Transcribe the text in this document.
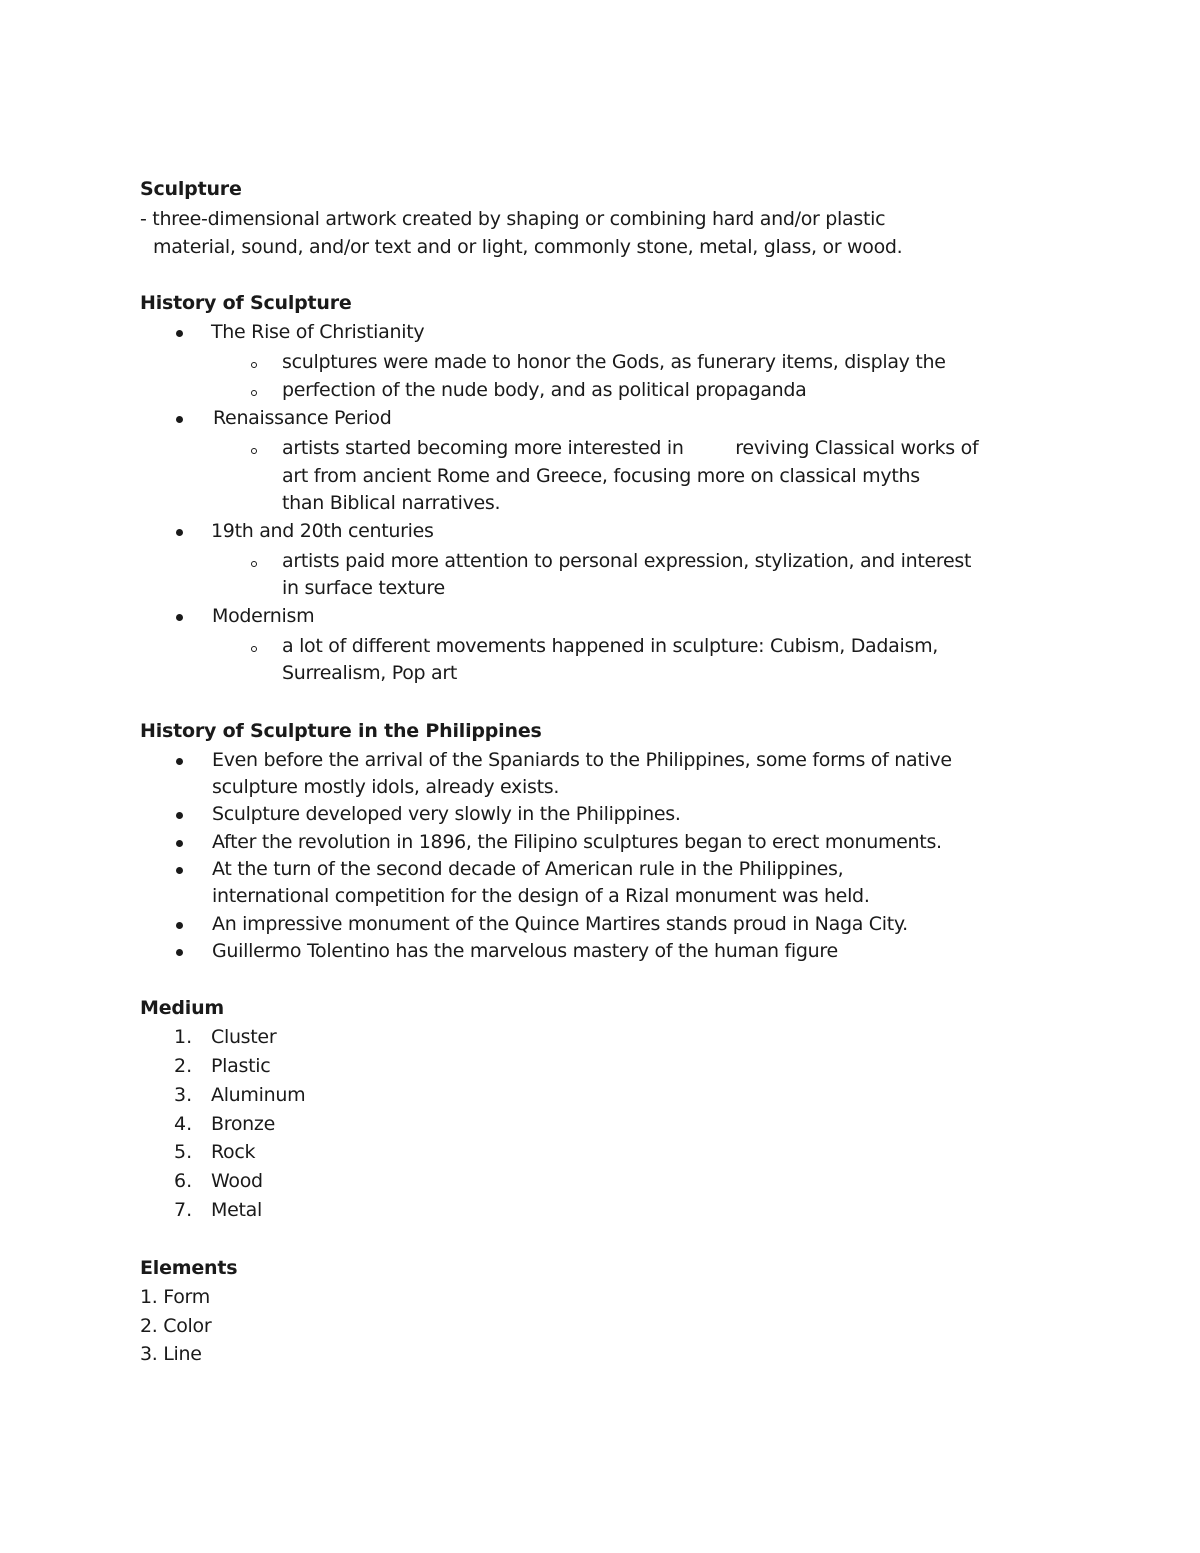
Sculpture
- three-dimensional artwork created by shaping or combining hard and/or plastic
material, sound, and/or text and or light, commonly stone, metal, glass, or wood.
History of Sculpture
The Rise of Christianity
sculptures were made to honor the Gods, as funerary items, display the
perfection of the nude body, and as political propaganda
Renaissance Period
artists started becoming more interested in         reviving Classical works of
art from ancient Rome and Greece, focusing more on classical myths
than Biblical narratives.
19th and 20th centuries
artists paid more attention to personal expression, stylization, and interest
in surface texture
Modernism
a lot of different movements happened in sculpture: Cubism, Dadaism,
Surrealism, Pop art
History of Sculpture in the Philippines
Even before the arrival of the Spaniards to the Philippines, some forms of native
sculpture mostly idols, already exists.
Sculpture developed very slowly in the Philippines.
After the revolution in 1896, the Filipino sculptures began to erect monuments.
At the turn of the second decade of American rule in the Philippines,
international competition for the design of a Rizal monument was held.
An impressive monument of the Quince Martires stands proud in Naga City.
Guillermo Tolentino has the marvelous mastery of the human figure
Medium
1. Cluster
2. Plastic
3. Aluminum
4. Bronze
5. Rock
6. Wood
7. Metal
Elements
1. Form
2. Color
3. Line
